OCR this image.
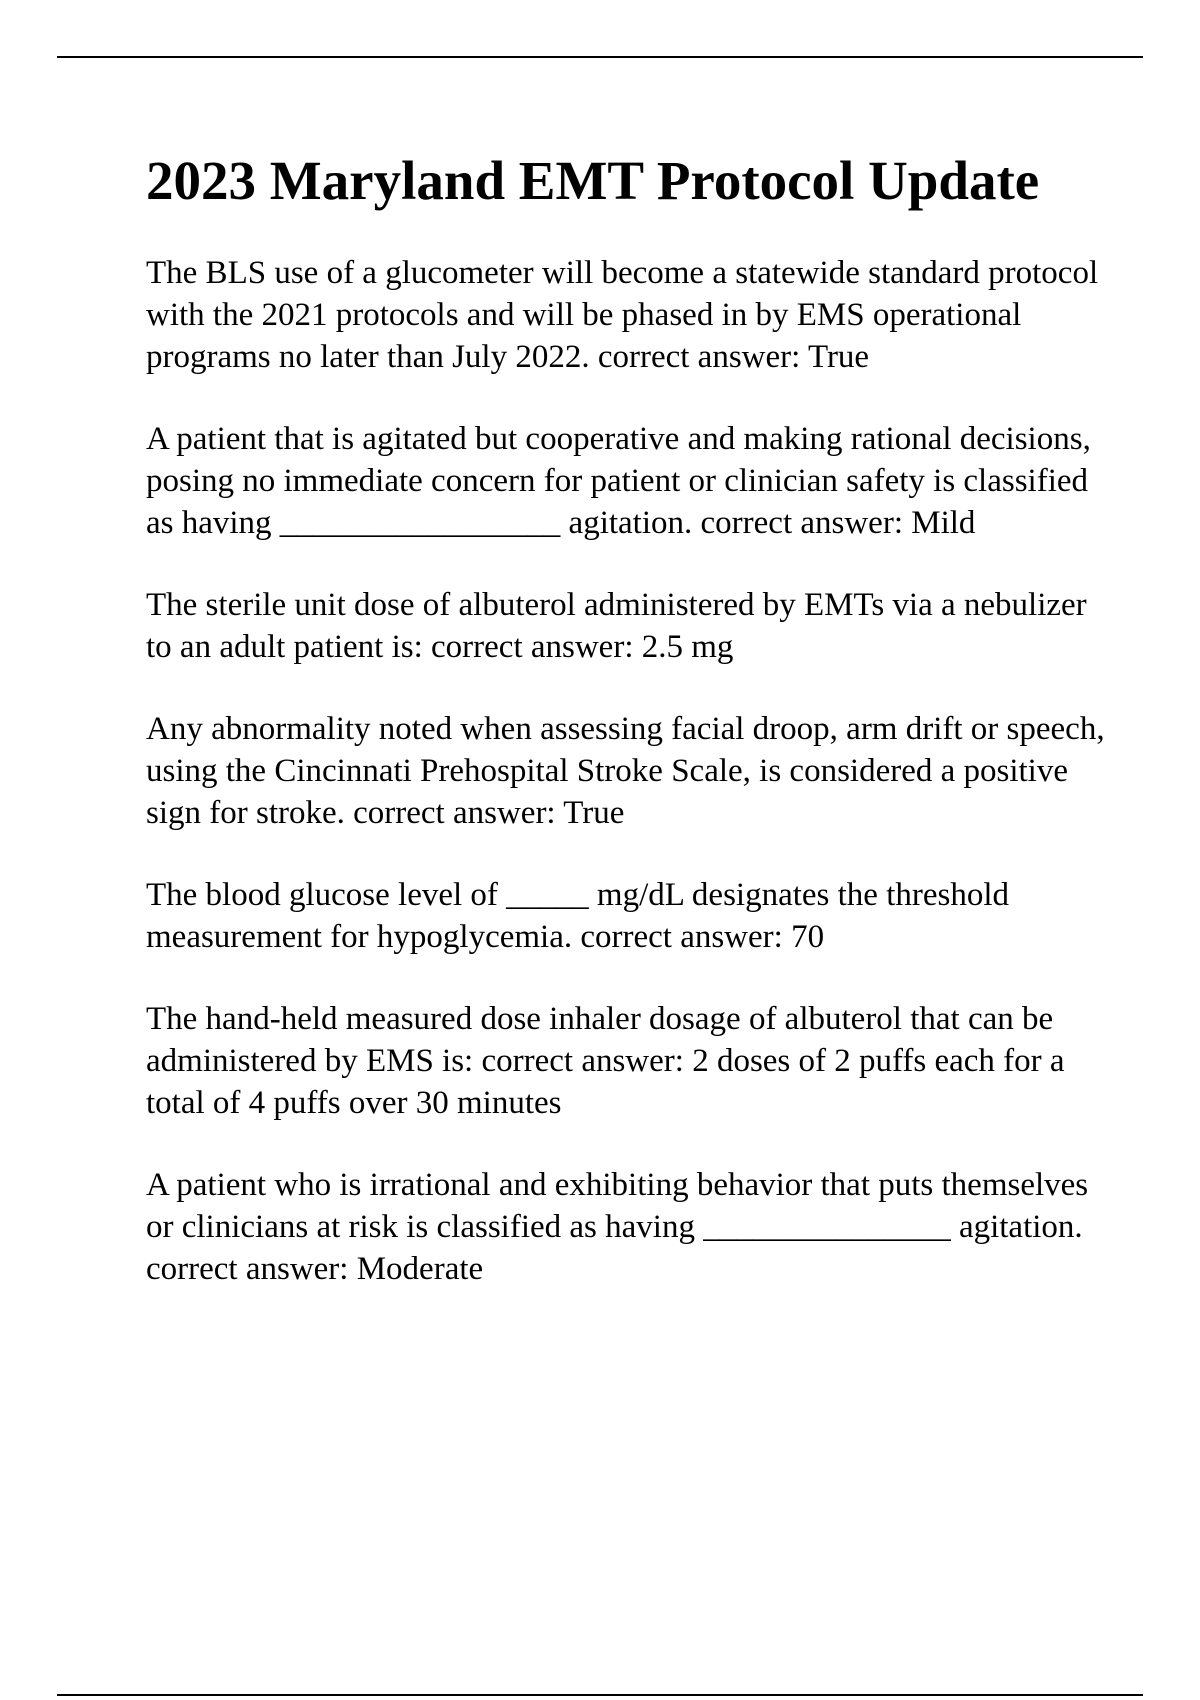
2023 Maryland EMT Protocol Update

The BLS use of a glucometer will become a statewide standard protocol with the 2021 protocols and will be phased in by EMS operational programs no later than July 2022. correct answer: True

A patient that is agitated but cooperative and making rational decisions, posing no immediate concern for patient or clinician safety is classified as having _________________ agitation. correct answer: Mild

The sterile unit dose of albuterol administered by EMTs via a nebulizer to an adult patient is: correct answer: 2.5 mg

Any abnormality noted when assessing facial droop, arm drift or speech, using the Cincinnati Prehospital Stroke Scale, is considered a positive sign for stroke. correct answer: True

The blood glucose level of _____ mg/dL designates the threshold measurement for hypoglycemia. correct answer: 70

The hand-held measured dose inhaler dosage of albuterol that can be administered by EMS is: correct answer: 2 doses of 2 puffs each for a total of 4 puffs over 30 minutes

A patient who is irrational and exhibiting behavior that puts themselves or clinicians at risk is classified as having _______________ agitation. correct answer: Moderate
